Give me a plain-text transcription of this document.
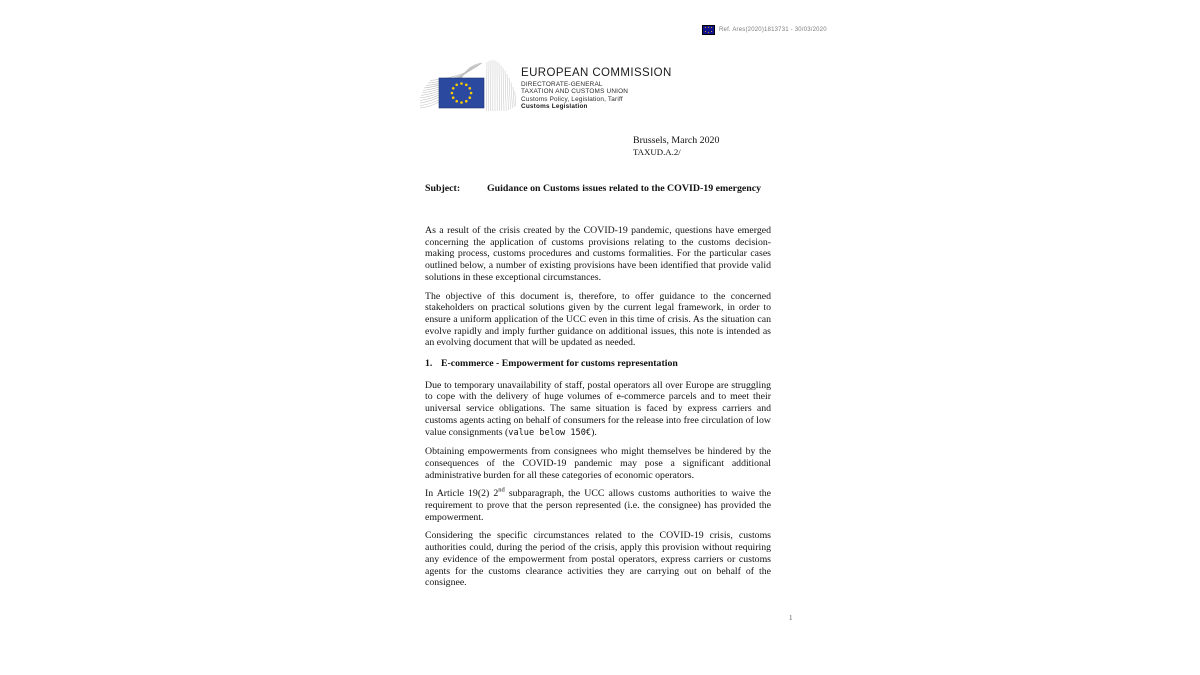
Ref. Ares(2020)1813731 - 30/03/2020
EUROPEAN COMMISSION
DIRECTORATE-GENERAL
TAXATION AND CUSTOMS UNION
Customs Policy, Legislation, Tariff
Customs Legislation
Brussels, March 2020
TAXUD.A.2/
Subject:	Guidance on Customs issues related to the COVID-19 emergency

As a result of the crisis created by the COVID-19 pandemic, questions have emerged concerning the application of customs provisions relating to the customs decision-making process, customs procedures and customs formalities. For the particular cases outlined below, a number of existing provisions have been identified that provide valid solutions in these exceptional circumstances.

The objective of this document is, therefore, to offer guidance to the concerned stakeholders on practical solutions given by the current legal framework, in order to ensure a uniform application of the UCC even in this time of crisis. As the situation can evolve rapidly and imply further guidance on additional issues, this note is intended as an evolving document that will be updated as needed.

1. E-commerce - Empowerment for customs representation

Due to temporary unavailability of staff, postal operators all over Europe are struggling to cope with the delivery of huge volumes of e-commerce parcels and to meet their universal service obligations. The same situation is faced by express carriers and customs agents acting on behalf of consumers for the release into free circulation of low value consignments (value below 150€).

Obtaining empowerments from consignees who might themselves be hindered by the consequences of the COVID-19 pandemic may pose a significant additional administrative burden for all these categories of economic operators.

In Article 19(2) 2nd subparagraph, the UCC allows customs authorities to waive the requirement to prove that the person represented (i.e. the consignee) has provided the empowerment.

Considering the specific circumstances related to the COVID-19 crisis, customs authorities could, during the period of the crisis, apply this provision without requiring any evidence of the empowerment from postal operators, express carriers or customs agents for the customs clearance activities they are carrying out on behalf of the consignee.

1
